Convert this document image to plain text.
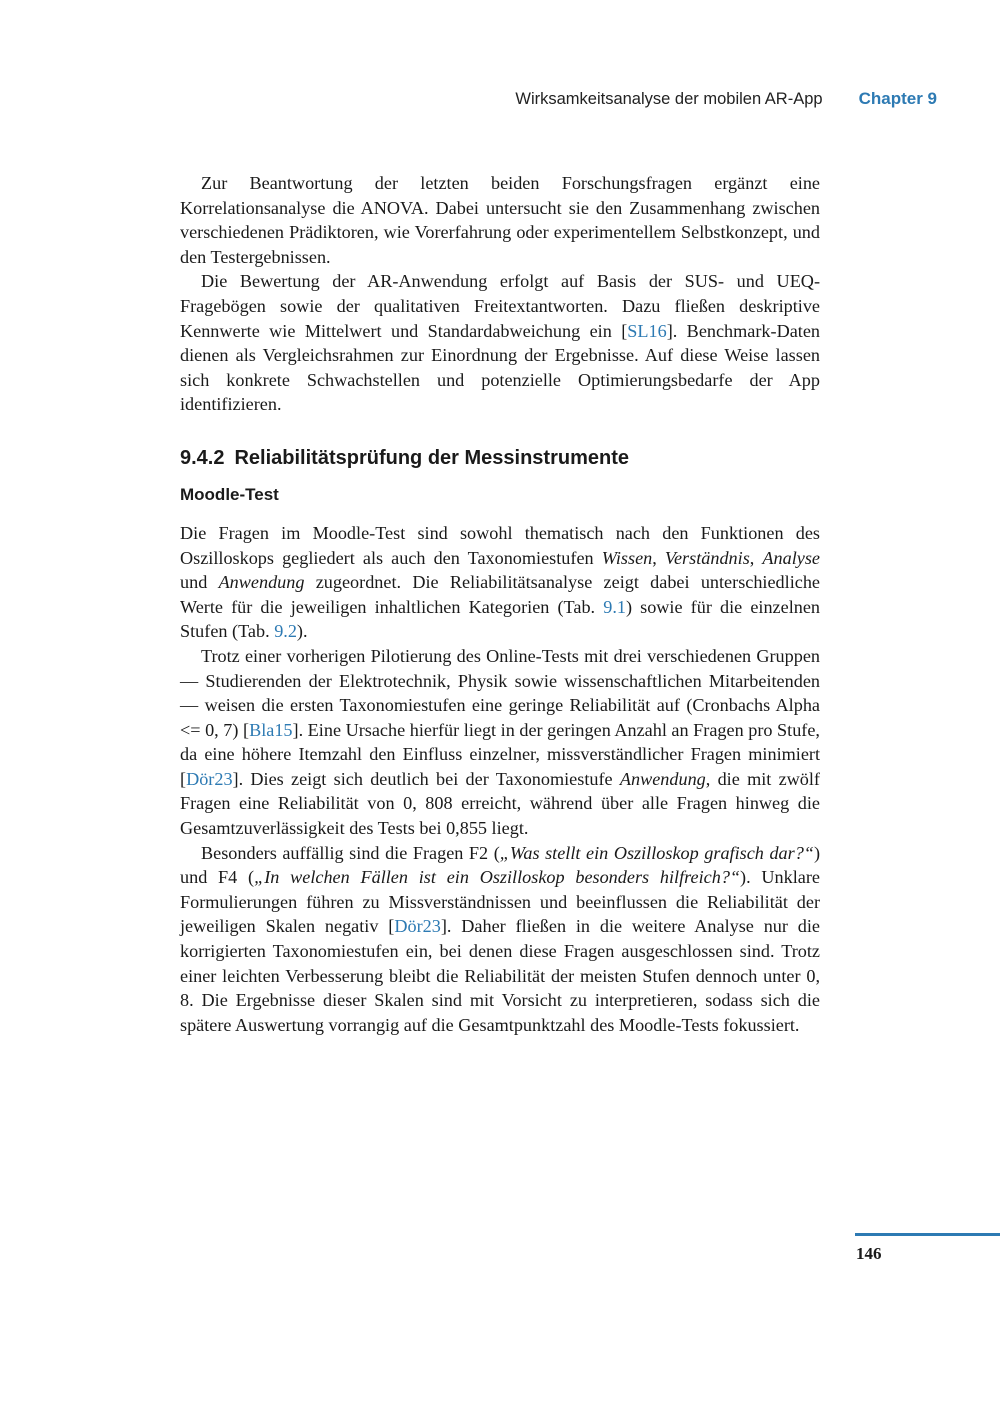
Wirksamkeitsanalyse der mobilen AR-App Chapter 9

Zur Beantwortung der letzten beiden Forschungsfragen ergänzt eine Korrelationsanalyse die ANOVA. Dabei untersucht sie den Zusammenhang zwischen verschiedenen Prädiktoren, wie Vorerfahrung oder experimentellem Selbstkonzept, und den Testergebnissen.

Die Bewertung der AR-Anwendung erfolgt auf Basis der SUS- und UEQ-Fragebögen sowie der qualitativen Freitextantworten. Dazu fließen deskriptive Kennwerte wie Mittelwert und Standardabweichung ein [SL16]. Benchmark-Daten dienen als Vergleichsrahmen zur Einordnung der Ergebnisse. Auf diese Weise lassen sich konkrete Schwachstellen und potenzielle Optimierungsbedarfe der App identifizieren.

9.4.2 Reliabilitätsprüfung der Messinstrumente
Moodle-Test

Die Fragen im Moodle-Test sind sowohl thematisch nach den Funktionen des Oszilloskops gegliedert als auch den Taxonomiestufen Wissen, Verständnis, Analyse und Anwendung zugeordnet. Die Reliabilitätsanalyse zeigt dabei unterschiedliche Werte für die jeweiligen inhaltlichen Kategorien (Tab. 9.1) sowie für die einzelnen Stufen (Tab. 9.2).

Trotz einer vorherigen Pilotierung des Online-Tests mit drei verschiedenen Gruppen — Studierenden der Elektrotechnik, Physik sowie wissenschaftlichen Mitarbeitenden — weisen die ersten Taxonomiestufen eine geringe Reliabilität auf (Cronbachs Alpha <= 0, 7) [Bla15]. Eine Ursache hierfür liegt in der geringen Anzahl an Fragen pro Stufe, da eine höhere Itemzahl den Einfluss einzelner, missverständlicher Fragen minimiert [Dör23]. Dies zeigt sich deutlich bei der Taxonomiestufe Anwendung, die mit zwölf Fragen eine Reliabilität von 0, 808 erreicht, während über alle Fragen hinweg die Gesamtzuverlässigkeit des Tests bei 0,855 liegt.

Besonders auffällig sind die Fragen F2 („Was stellt ein Oszilloskop grafisch dar?“) und F4 („In welchen Fällen ist ein Oszilloskop besonders hilfreich?“). Unklare Formulierungen führen zu Missverständnissen und beeinflussen die Reliabilität der jeweiligen Skalen negativ [Dör23]. Daher fließen in die weitere Analyse nur die korrigierten Taxonomiestufen ein, bei denen diese Fragen ausgeschlossen sind. Trotz einer leichten Verbesserung bleibt die Reliabilität der meisten Stufen dennoch unter 0, 8. Die Ergebnisse dieser Skalen sind mit Vorsicht zu interpretieren, sodass sich die spätere Auswertung vorrangig auf die Gesamtpunktzahl des Moodle-Tests fokussiert.

146
